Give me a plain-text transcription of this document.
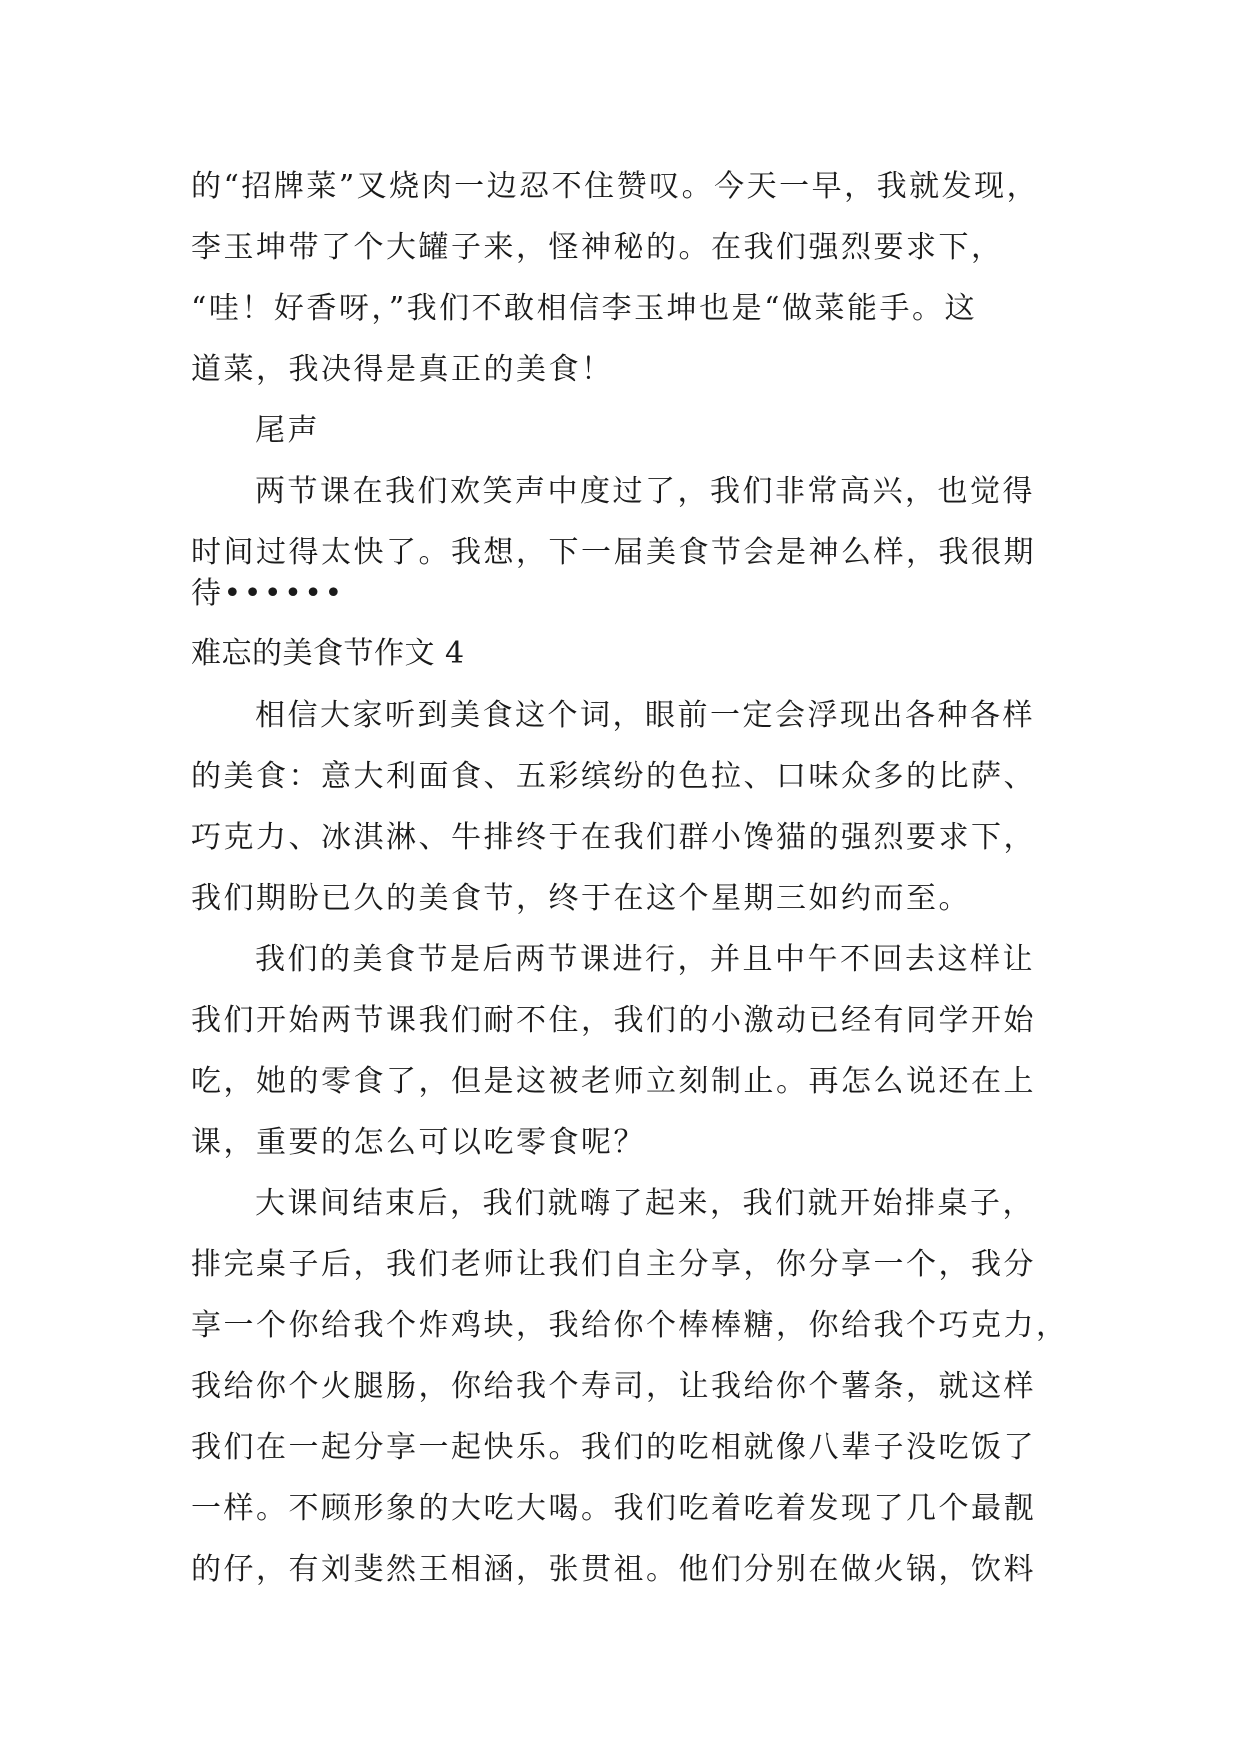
的“招牌菜”叉烧肉一边忍不住赞叹。今天一早，我就发现，
李玉坤带了个大罐子来，怪神秘的。在我们强烈要求下，
“哇！好香呀，”我们不敢相信李玉坤也是“做菜能手。这
道菜，我决得是真正的美食！
尾声
两节课在我们欢笑声中度过了，我们非常高兴，也觉得
时间过得太快了。我想，下一届美食节会是神么样，我很期
待••••••
难忘的美食节作文 4
相信大家听到美食这个词，眼前一定会浮现出各种各样
的美食：意大利面食、五彩缤纷的色拉、口味众多的比萨、
巧克力、冰淇淋、牛排终于在我们群小馋猫的强烈要求下，
我们期盼已久的美食节，终于在这个星期三如约而至。
我们的美食节是后两节课进行，并且中午不回去这样让
我们开始两节课我们耐不住，我们的小激动已经有同学开始
吃，她的零食了，但是这被老师立刻制止。再怎么说还在上
课，重要的怎么可以吃零食呢？
大课间结束后，我们就嗨了起来，我们就开始排桌子，
排完桌子后，我们老师让我们自主分享，你分享一个，我分
享一个你给我个炸鸡块，我给你个棒棒糖，你给我个巧克力，
我给你个火腿肠，你给我个寿司，让我给你个薯条，就这样
我们在一起分享一起快乐。我们的吃相就像八辈子没吃饭了
一样。不顾形象的大吃大喝。我们吃着吃着发现了几个最靓
的仔，有刘斐然王相涵，张贯祖。他们分别在做火锅，饮料
